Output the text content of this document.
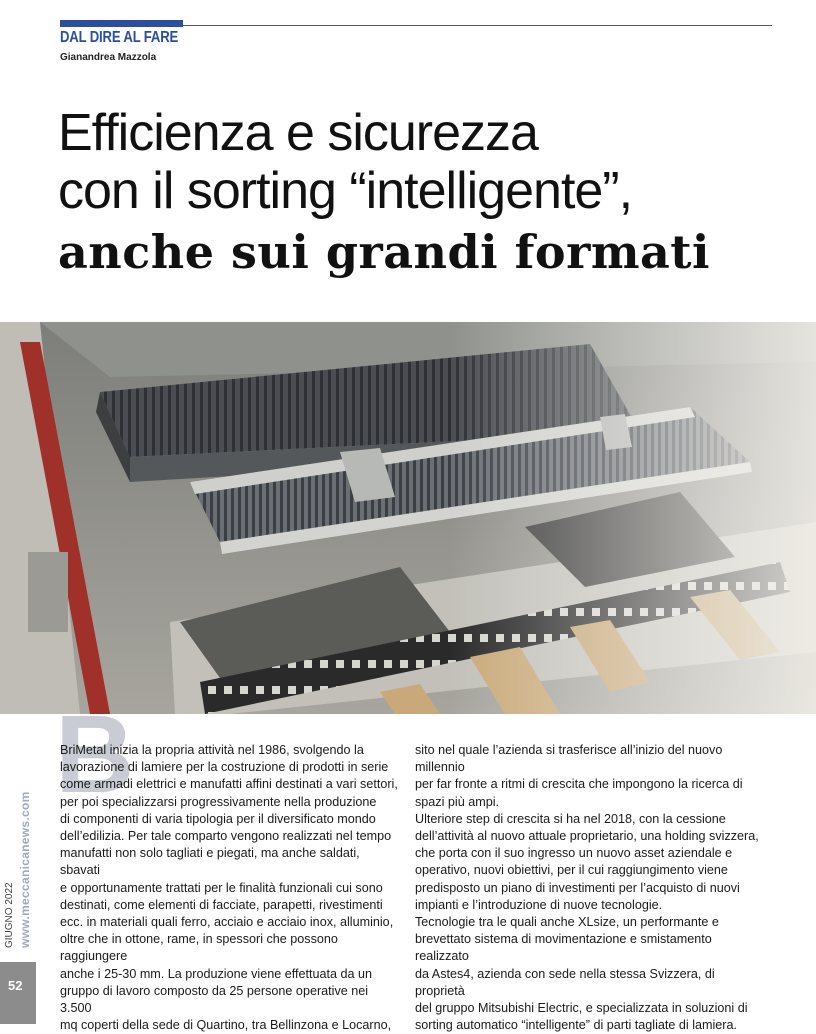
DAL DIRE AL FARE
Gianandrea Mazzola
Efficienza e sicurezza
con il sorting “intelligente”,
anche sui grandi formati
www.meccanicanews.com
GIUGNO 2022
52
B

BriMetal inizia la propria attività nel 1986, svolgendo la
lavorazione di lamiere per la costruzione di prodotti in serie
come armadi elettrici e manufatti affini destinati a vari settori,
per poi specializzarsi progressivamente nella produzione
di componenti di varia tipologia per il diversificato mondo
dell’edilizia. Per tale comparto vengono realizzati nel tempo
manufatti non solo tagliati e piegati, ma anche saldati, sbavati
e opportunamente trattati per le finalità funzionali cui sono
destinati, come elementi di facciate, parapetti, rivestimenti
ecc. in materiali quali ferro, acciaio e acciaio inox, alluminio,
oltre che in ottone, rame, in spessori che possono raggiungere
anche i 25-30 mm. La produzione viene effettuata da un
gruppo di lavoro composto da 25 persone operative nei 3.500
mq coperti della sede di Quartino, tra Bellinzona e Locarno,

sito nel quale l’azienda si trasferisce all’inizio del nuovo millennio
per far fronte a ritmi di crescita che impongono la ricerca di
spazi più ampi.

Ulteriore step di crescita si ha nel 2018, con la cessione
dell’attività al nuovo attuale proprietario, una holding svizzera,
che porta con il suo ingresso un nuovo asset aziendale e
operativo, nuovi obiettivi, per il cui raggiungimento viene
predisposto un piano di investimenti per l’acquisto di nuovi
impianti e l’introduzione di nuove tecnologie.

Tecnologie tra le quali anche XLsize, un performante e
brevettato sistema di movimentazione e smistamento realizzato
da Astes4, azienda con sede nella stessa Svizzera, di proprietà
del gruppo Mitsubishi Electric, e specializzata in soluzioni di
sorting automatico “intelligente” di parti tagliate di lamiera.
